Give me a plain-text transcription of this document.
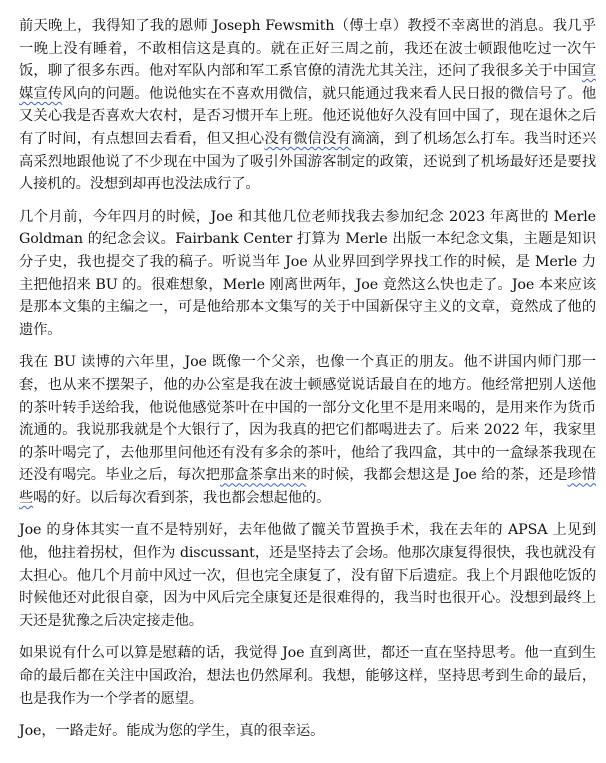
前天晚上，我得知了我的恩师 Joseph Fewsmith（傅士卓）教授不幸离世的消息。我几乎一晚上没有睡着，不敢相信这是真的。就在正好三周之前，我还在波士顿跟他吃过一次午饭，聊了很多东西。他对军队内部和军工系官僚的清洗尤其关注，还问了我很多关于中国宣媒宣传风向的问题。他说他实在不喜欢用微信，就只能通过我来看人民日报的微信号了。他又关心我是否喜欢大农村，是否习惯开车上班。他还说他好久没有回中国了，现在退休之后有了时间，有点想回去看看，但又担心没有微信没有滴滴，到了机场怎么打车。我当时还兴高采烈地跟他说了不少现在中国为了吸引外国游客制定的政策，还说到了机场最好还是要找人接机的。没想到却再也没法成行了。

几个月前，今年四月的时候，Joe 和其他几位老师找我去参加纪念 2023 年离世的 Merle Goldman 的纪念会议。Fairbank Center 打算为 Merle 出版一本纪念文集，主题是知识分子史，我也提交了我的稿子。听说当年 Joe 从业界回到学界找工作的时候，是 Merle 力主把他招来 BU 的。很难想象，Merle 刚离世两年，Joe 竟然这么快也走了。Joe 本来应该是那本文集的主编之一，可是他给那本文集写的关于中国新保守主义的文章，竟然成了他的遗作。

我在 BU 读博的六年里，Joe 既像一个父亲，也像一个真正的朋友。他不讲国内师门那一套，也从来不摆架子，他的办公室是我在波士顿感觉说话最自在的地方。他经常把别人送他的茶叶转手送给我，他说他感觉茶叶在中国的一部分文化里不是用来喝的，是用来作为货币流通的。我说那我就是个大银行了，因为我真的把它们都喝进去了。后来 2022 年，我家里的茶叶喝完了，去他那里问他还有没有多余的茶叶，他给了我四盒，其中的一盒绿茶我现在还没有喝完。毕业之后，每次把那盒茶拿出来的时候，我都会想这是 Joe 给的茶，还是珍惜些喝的好。以后每次看到茶，我也都会想起他的。

Joe 的身体其实一直不是特别好，去年他做了髋关节置换手术，我在去年的 APSA 上见到他，他拄着拐杖，但作为 discussant，还是坚持去了会场。他那次康复得很快，我也就没有太担心。他几个月前中风过一次，但也完全康复了，没有留下后遗症。我上个月跟他吃饭的时候他还对此很自豪，因为中风后完全康复还是很难得的，我当时也很开心。没想到最终上天还是犹豫之后决定接走他。

如果说有什么可以算是慰藉的话，我觉得 Joe 直到离世，都还一直在坚持思考。他一直到生命的最后都在关注中国政治，想法也仍然犀利。我想，能够这样，坚持思考到生命的最后，也是我作为一个学者的愿望。

Joe，一路走好。能成为您的学生，真的很幸运。
